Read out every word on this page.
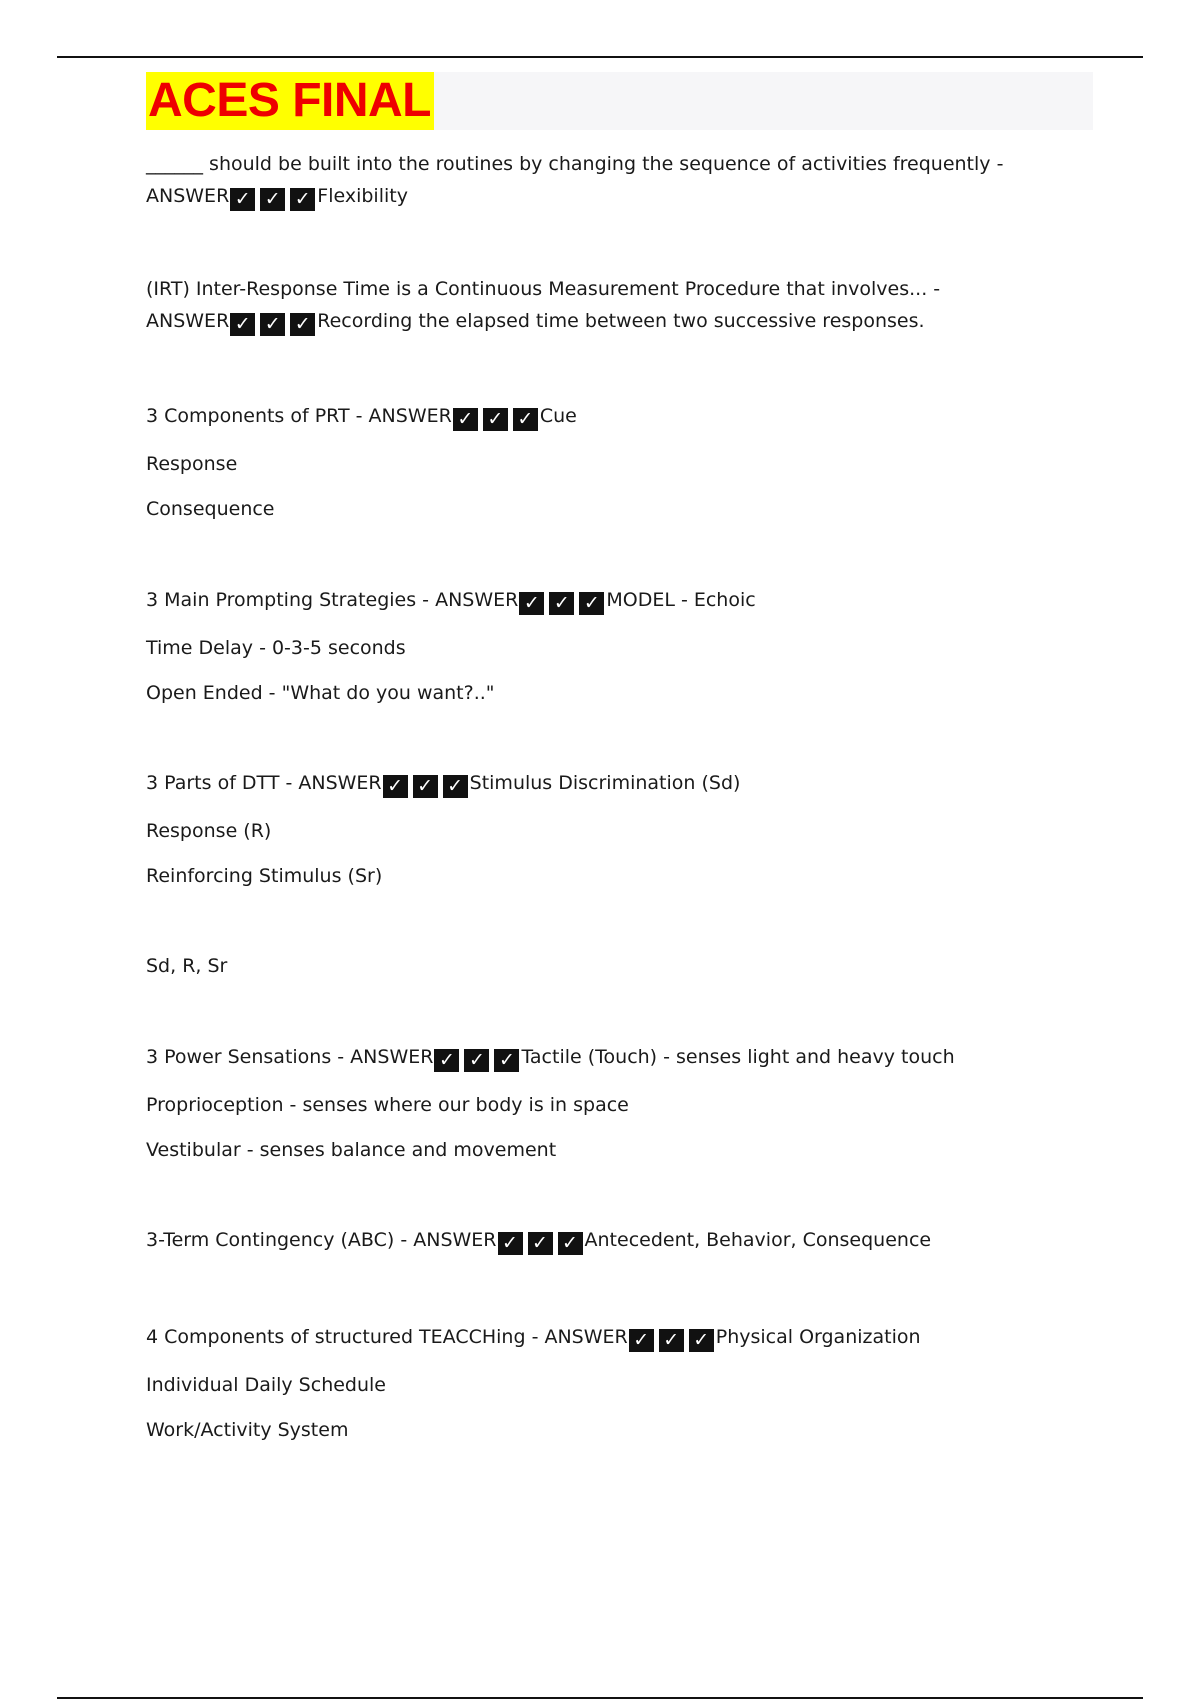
ACES FINAL
______ should be built into the routines by changing the sequence of activities frequently -
ANSWER ✓ ✓ ✓ Flexibility
(IRT) Inter-Response Time is a Continuous Measurement Procedure that involves... -
ANSWER ✓ ✓ ✓ Recording the elapsed time between two successive responses.
3 Components of PRT - ANSWER ✓ ✓ ✓ Cue
Response
Consequence
3 Main Prompting Strategies - ANSWER ✓ ✓ ✓ MODEL - Echoic
Time Delay - 0-3-5 seconds
Open Ended - "What do you want?.."
3 Parts of DTT - ANSWER ✓ ✓ ✓ Stimulus Discrimination (Sd)
Response (R)
Reinforcing Stimulus (Sr)
Sd, R, Sr
3 Power Sensations - ANSWER ✓ ✓ ✓ Tactile (Touch) - senses light and heavy touch
Proprioception - senses where our body is in space
Vestibular - senses balance and movement
3-Term Contingency (ABC) - ANSWER ✓ ✓ ✓ Antecedent, Behavior, Consequence
4 Components of structured TEACCHing - ANSWER ✓ ✓ ✓ Physical Organization
Individual Daily Schedule
Work/Activity System
